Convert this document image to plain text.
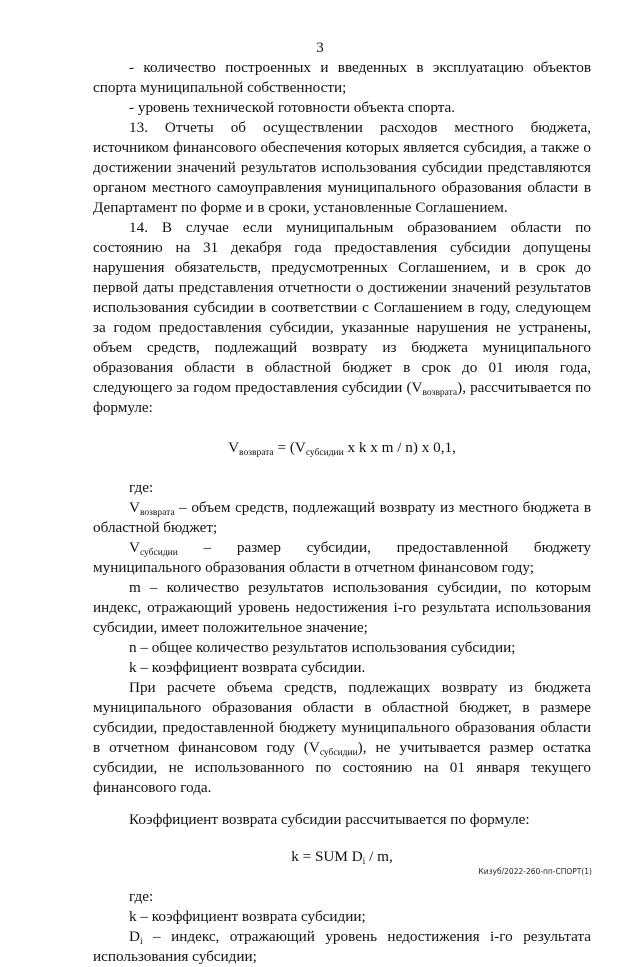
3

- количество построенных и введенных в эксплуатацию объектов спорта муниципальной собственности;

- уровень технической готовности объекта спорта.

13. Отчеты об осуществлении расходов местного бюджета, источником финансового обеспечения которых является субсидия, а также о достижении значений результатов использования субсидии представляются органом местного самоуправления муниципального образования области в Департамент по форме и в сроки, установленные Соглашением.

14. В случае если муниципальным образованием области по состоянию на 31 декабря года предоставления субсидии допущены нарушения обязательств, предусмотренных Соглашением, и в срок до первой даты представления отчетности о достижении значений результатов использования субсидии в соответствии с Соглашением в году, следующем за годом предоставления субсидии, указанные нарушения не устранены, объем средств, подлежащий возврату из бюджета муниципального образования области в областной бюджет в срок до 01 июля года, следующего за годом предоставления субсидии $(V_{возврата})$, рассчитывается по формуле:

$V_{возврата} = (V_{субсидии}$ x k x m / n) x 0,1,

где:

$V_{возврата}$ – объем средств, подлежащий возврату из местного бюджета в областной бюджет;

$V_{субсидии}$ – размер субсидии, предоставленной бюджету муниципального образования области в отчетном финансовом году;

m – количество результатов использования субсидии, по которым индекс, отражающий уровень недостижения i-го результата использования субсидии, имеет положительное значение;

n – общее количество результатов использования субсидии;

k – коэффициент возврата субсидии.

При расчете объема средств, подлежащих возврату из бюджета муниципального образования области в областной бюджет, в размере субсидии, предоставленной бюджету муниципального образования области в отчетном финансовом году $(V_{субсидии})$, не учитывается размер остатка субсидии, не использованного по состоянию на 01 января текущего финансового года.

Коэффициент возврата субсидии рассчитывается по формуле:

k = SUM $D_i$ / m,

где:

k – коэффициент возврата субсидии;

$D_i$ – индекс, отражающий уровень недостижения i-го результата использования субсидии;

Кизуб/2022-260-пп-СПОРТ(1)
